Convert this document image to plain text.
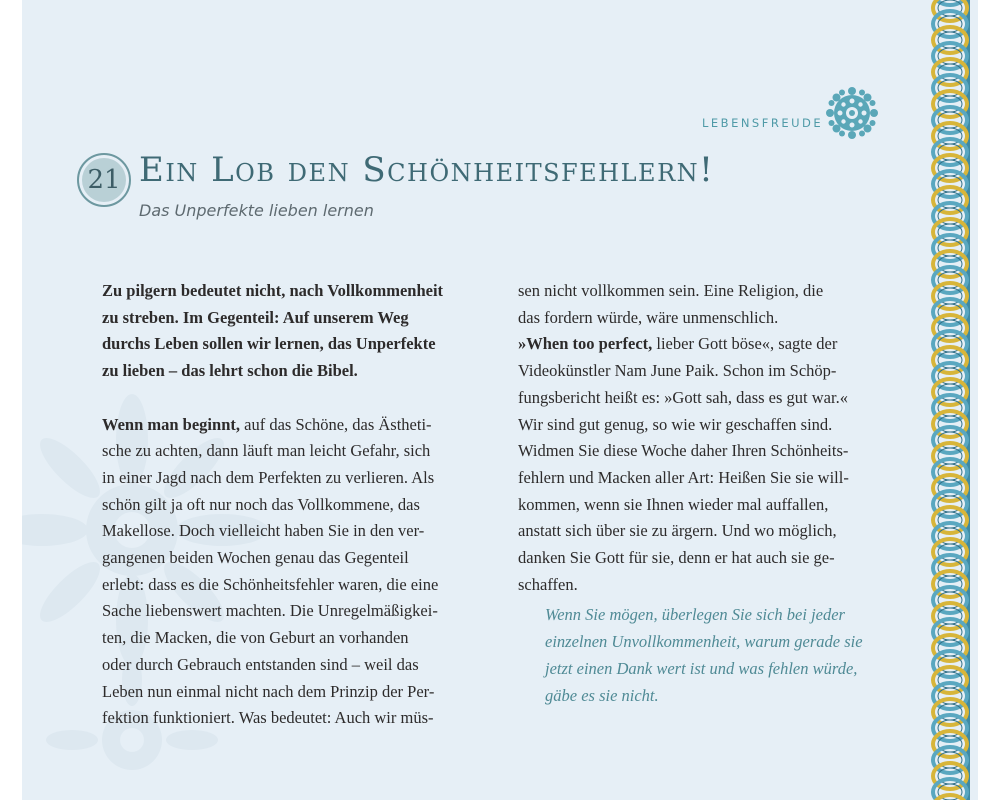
LEBENSFREUDE
21 Ein Lob den Schönheitsfehlern!
Das Unperfekte lieben lernen

Zu pilgern bedeutet nicht, nach Vollkommenheit

zu streben. Im Gegenteil: Auf unserem Weg

durchs Leben sollen wir lernen, das Unperfekte

zu lieben – das lehrt schon die Bibel.

Wenn man beginnt, auf das Schöne, das Ästheti-

sche zu achten, dann läuft man leicht Gefahr, sich

in einer Jagd nach dem Perfekten zu verlieren. Als

schön gilt ja oft nur noch das Vollkommene, das

Makellose. Doch vielleicht haben Sie in den ver-

gangenen beiden Wochen genau das Gegenteil

erlebt: dass es die Schönheitsfehler waren, die eine

Sache liebenswert machten. Die Unregelmäßigkei-

ten, die Macken, die von Geburt an vorhanden

oder durch Gebrauch entstanden sind – weil das

Leben nun einmal nicht nach dem Prinzip der Per-

fektion funktioniert. Was bedeutet: Auch wir müs-

sen nicht vollkommen sein. Eine Religion, die

das fordern würde, wäre unmenschlich.

»When too perfect, lieber Gott böse«, sagte der

Videokünstler Nam June Paik. Schon im Schöp-

fungsbericht heißt es: »Gott sah, dass es gut war.«

Wir sind gut genug, so wie wir geschaffen sind.

Widmen Sie diese Woche daher Ihren Schönheits-

fehlern und Macken aller Art: Heißen Sie sie will-

kommen, wenn sie Ihnen wieder mal auffallen,

anstatt sich über sie zu ärgern. Und wo möglich,

danken Sie Gott für sie, denn er hat auch sie ge-

schaffen.

Wenn Sie mögen, überlegen Sie sich bei jeder

einzelnen Unvollkommenheit, warum gerade sie

jetzt einen Dank wert ist und was fehlen würde,

gäbe es sie nicht.
